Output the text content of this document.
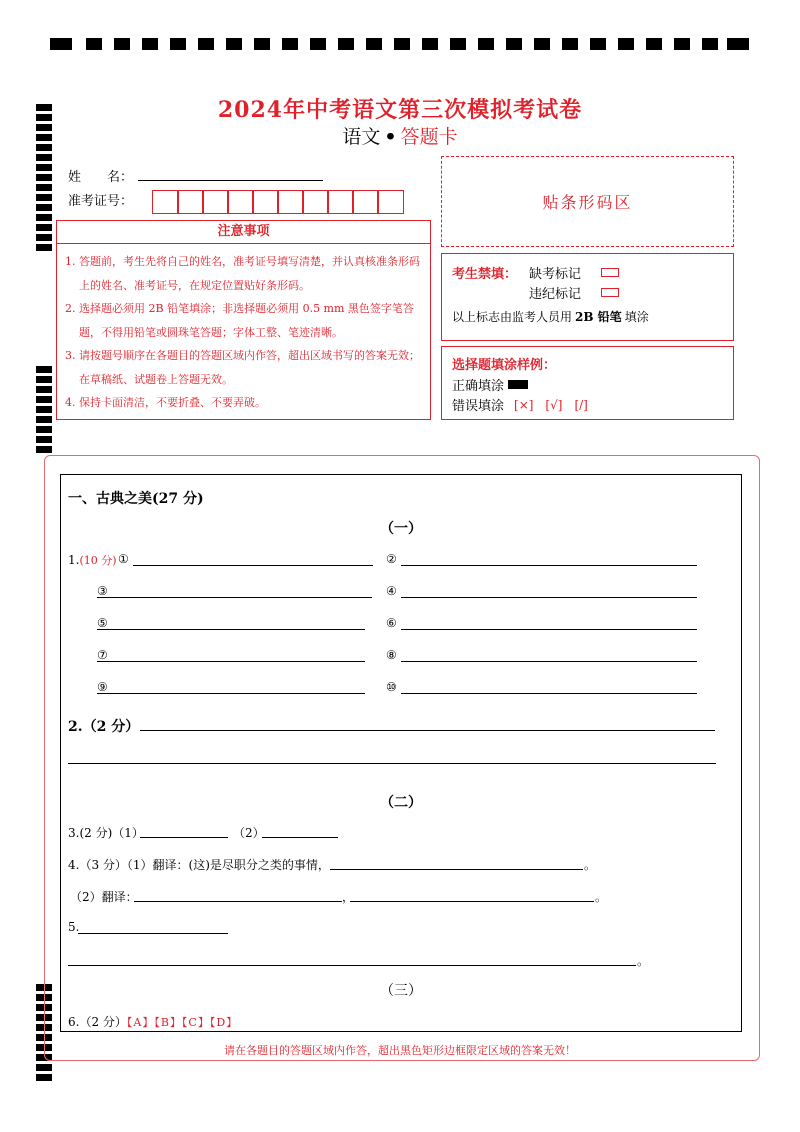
2024年中考语文第三次模拟考试卷
语文 • 答题卡
姓　　名：
准考证号：	贴条形码区
注意事项
1. 答题前，考生先将自己的姓名，准考证号填写清楚，并认真核准条形码上的姓名、准考证号，在规定位置贴好条形码。
2. 选择题必须用 2B 铅笔填涂；非选择题必须用 0.5 mm 黑色签字笔答题，不得用铅笔或圆珠笔答题；字体工整、笔迹清晰。
3. 请按题号顺序在各题目的答题区域内作答，超出区域书写的答案无效；在草稿纸、试题卷上答题无效。
4. 保持卡面清洁，不要折叠、不要弄破。
考生禁填： 缺考标记
违纪标记
以上标志由监考人员用 2B 铅笔 填涂
选择题填涂样例：
正确填涂
错误填涂 [×]　[√]　[/]
一、古典之美(27 分)
（一）
1.(10 分) ①	②
③	④
⑤	⑥
⑦	⑧
⑨	⑩
2.（2 分）
（二）
3.(2 分)（1）	（2）
4.（3 分）（1）翻译：(这)是尽职分之类的事情，	。
（2）翻译：	，	。
5.
。
（三）
6.（2 分）【A】【B】【C】【D】
请在各题目的答题区域内作答，超出黑色矩形边框限定区域的答案无效！
